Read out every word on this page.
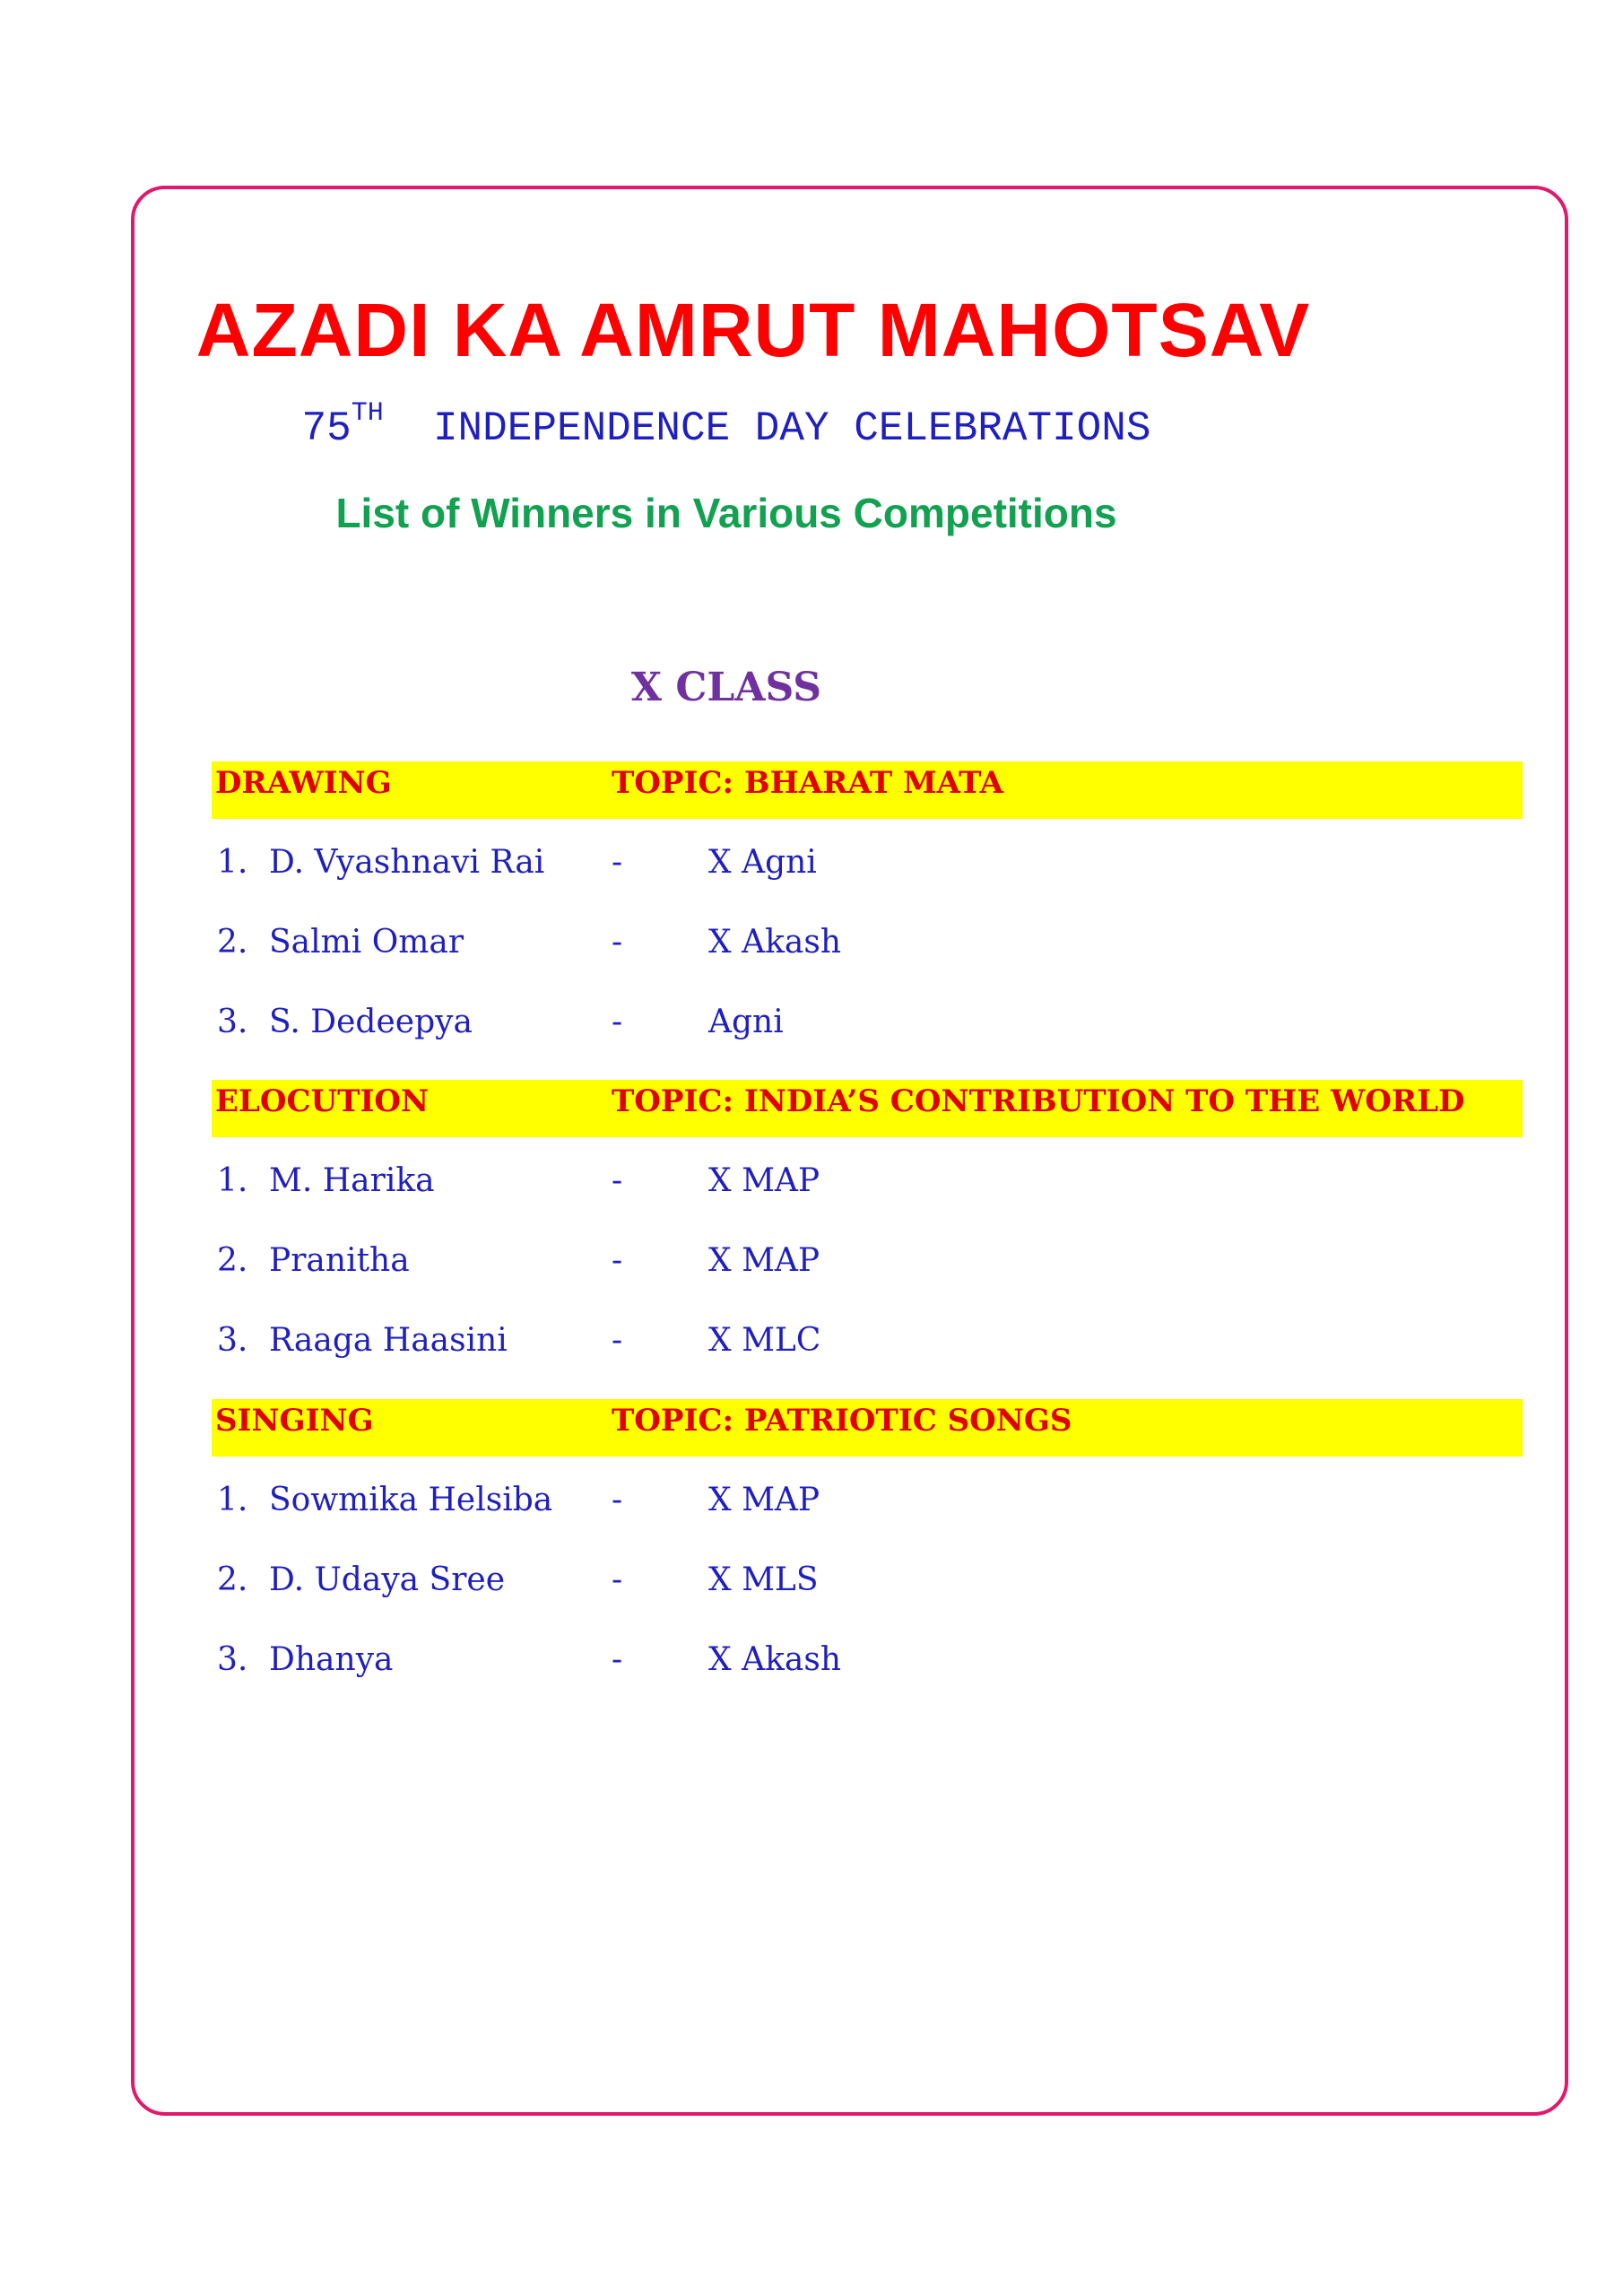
AZADI KA AMRUT MAHOTSAV
75TH INDEPENDENCE DAY CELEBRATIONS
List of Winners in Various Competitions
X CLASS
DRAWING	TOPIC: BHARAT MATA
1. D. Vyashnavi Rai -	X Agni
2. Salmi Omar	-	X Akash
3. S. Dedeepya	-	Agni
ELOCUTION	TOPIC: INDIA’S CONTRIBUTION TO THE WORLD
1. M. Harika	-	X MAP
2. Pranitha	-	X MAP
3. Raaga Haasini	-	X MLC
SINGING	TOPIC: PATRIOTIC SONGS
1. Sowmika Helsiba -	X MAP
2. D. Udaya Sree	-	X MLS
3. Dhanya	-	X Akash
